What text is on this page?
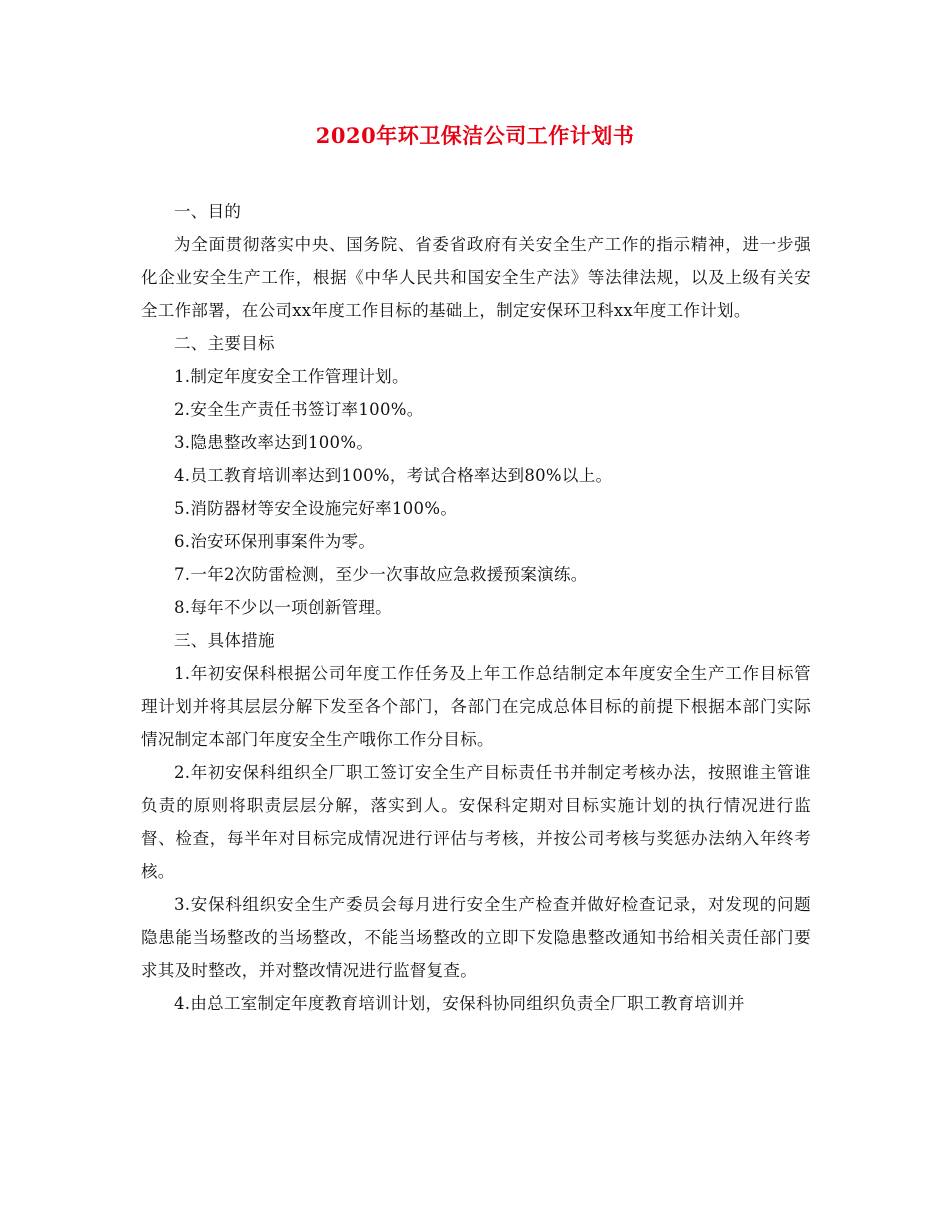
2020年环卫保洁公司工作计划书

一、目的

为全面贯彻落实中央、国务院、省委省政府有关安全生产工作的指示精神，进一步强化企业安全生产工作，根据《中华人民共和国安全生产法》等法律法规，以及上级有关安全工作部署，在公司xx年度工作目标的基础上，制定安保环卫科xx年度工作计划。

二、主要目标

1.制定年度安全工作管理计划。

2.安全生产责任书签订率100%。

3.隐患整改率达到100%。

4.员工教育培训率达到100%，考试合格率达到80%以上。

5.消防器材等安全设施完好率100%。

6.治安环保刑事案件为零。

7.一年2次防雷检测，至少一次事故应急救援预案演练。

8.每年不少以一项创新管理。

三、具体措施

1.年初安保科根据公司年度工作任务及上年工作总结制定本年度安全生产工作目标管理计划并将其层层分解下发至各个部门，各部门在完成总体目标的前提下根据本部门实际情况制定本部门年度安全生产哦你工作分目标。

2.年初安保科组织全厂职工签订安全生产目标责任书并制定考核办法，按照谁主管谁负责的原则将职责层层分解，落实到人。安保科定期对目标实施计划的执行情况进行监督、检查，每半年对目标完成情况进行评估与考核，并按公司考核与奖惩办法纳入年终考核。

3.安保科组织安全生产委员会每月进行安全生产检查并做好检查记录，对发现的问题隐患能当场整改的当场整改，不能当场整改的立即下发隐患整改通知书给相关责任部门要求其及时整改，并对整改情况进行监督复查。

4.由总工室制定年度教育培训计划，安保科协同组织负责全厂职工教育培训并
